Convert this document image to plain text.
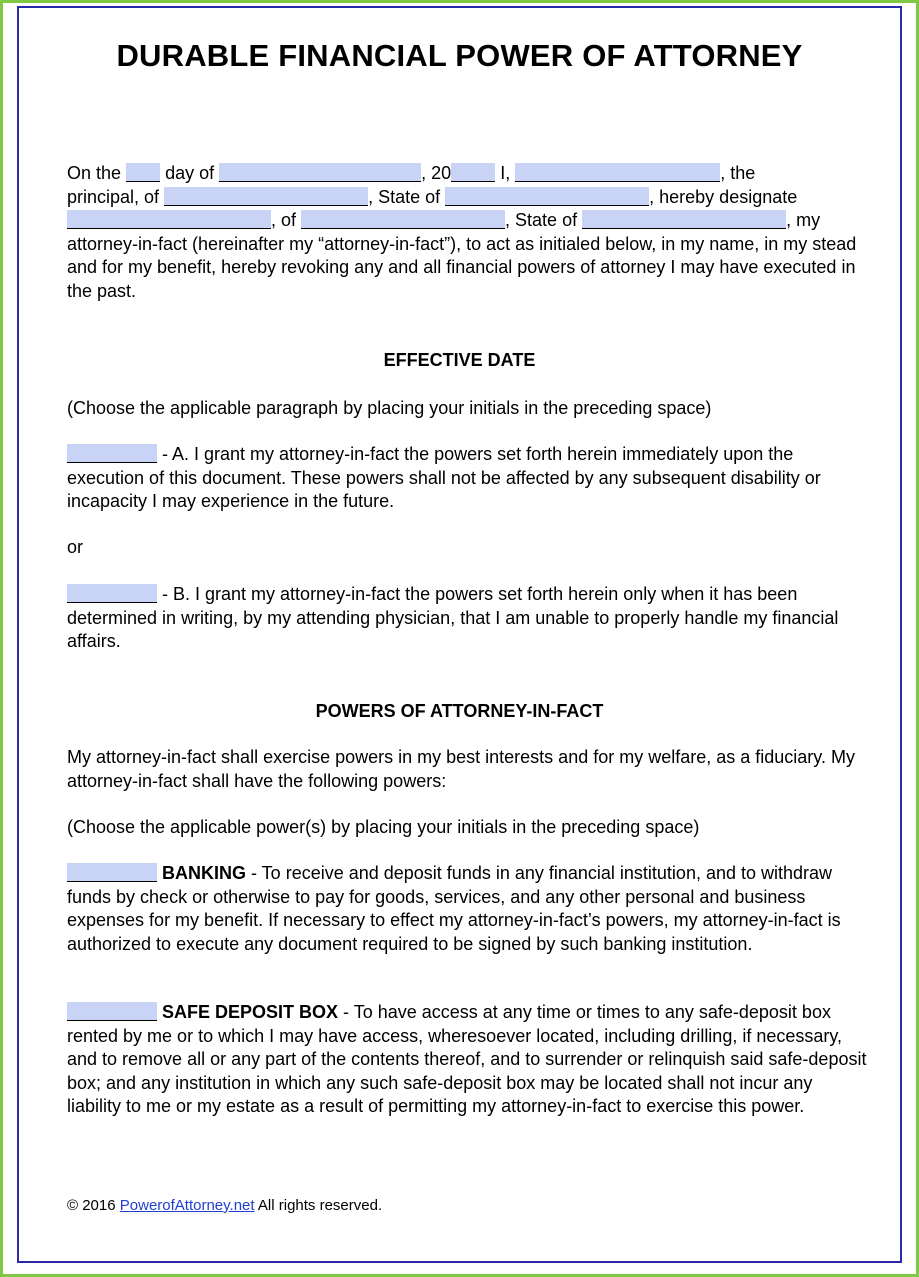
DURABLE FINANCIAL POWER OF ATTORNEY
On the day of	, 20	I,	, the
principal, of	, State of	, hereby designate
, of	, State of	, my
attorney-in-fact (hereinafter my “attorney-in-fact”), to act as initialed below, in my name, in my stead and for my benefit, hereby revoking any and all financial powers of attorney I may have executed in the past.
EFFECTIVE DATE
(Choose the applicable paragraph by placing your initials in the preceding space)
- A. I grant my attorney-in-fact the powers set forth herein immediately upon the execution of this document. These powers shall not be affected by any subsequent disability or incapacity I may experience in the future.
or
- B. I grant my attorney-in-fact the powers set forth herein only when it has been determined in writing, by my attending physician, that I am unable to properly handle my financial affairs.
POWERS OF ATTORNEY-IN-FACT
My attorney-in-fact shall exercise powers in my best interests and for my welfare, as a fiduciary. My attorney-in-fact shall have the following powers:
(Choose the applicable power(s) by placing your initials in the preceding space)
BANKING - To receive and deposit funds in any financial institution, and to withdraw funds by check or otherwise to pay for goods, services, and any other personal and business expenses for my benefit. If necessary to effect my attorney-in-fact’s powers, my attorney-in-fact is authorized to execute any document required to be signed by such banking institution.
SAFE DEPOSIT BOX - To have access at any time or times to any safe-deposit box rented by me or to which I may have access, wheresoever located, including drilling, if necessary, and to remove all or any part of the contents thereof, and to surrender or relinquish said safe-deposit box; and any institution in which any such safe-deposit box may be located shall not incur any liability to me or my estate as a result of permitting my attorney-in-fact to exercise this power.
© 2016 PowerofAttorney.net All rights reserved.
